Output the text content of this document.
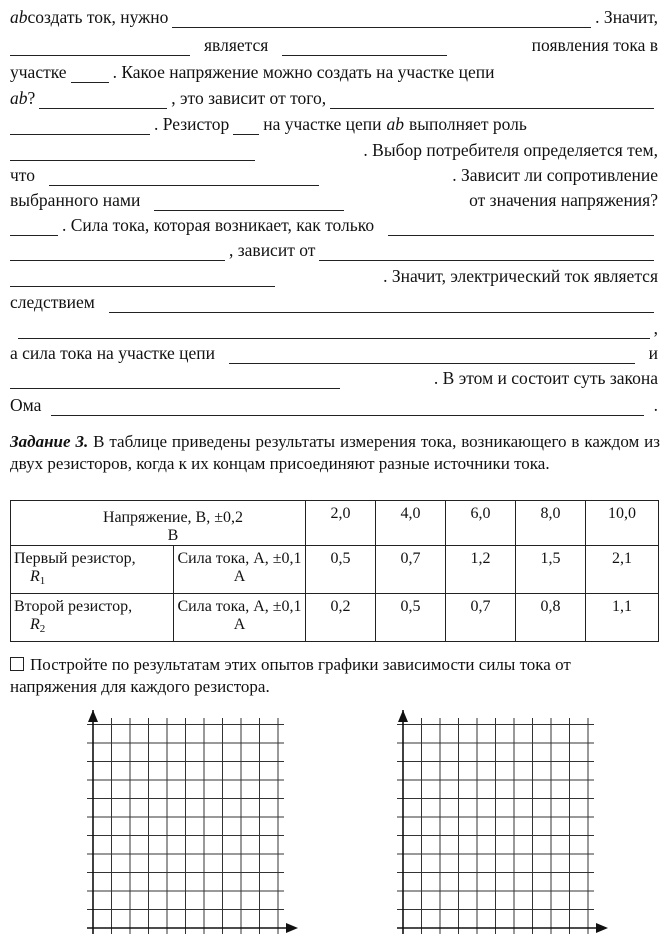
ab создать ток, нужно	. Значит,
является	появления тока в
участке	. Какое напряжение можно создать на участке цепи
ab ?	, это зависит от того,
. Резистор на участке цепи ab выполняет роль
. Выбор потребителя определяется тем,
что	. Зависит ли сопротивление
выбранного нами	от значения напряжения?
. Сила тока, которая возникает, как только
, зависит от
. Значит, электрический ток является
следствием
,
а сила тока на участке цепи	и
. В этом и состоит суть закона
Ома	.
Задание 3. В таблице приведены результаты измерения тока, возникающего в каждом из двух резисторов, когда к их концам присоединяют разные источники тока.
Напряжение, В, ±0,2 В		2,0	4,0	6,0	8,0	10,0
Первый резистор,
$R_1$	Сила тока, А, ±0,1 А	0,5	0,7	1,2	1,5	2,1
Второй резистор,
$R_2$	Сила тока, А, ±0,1 А	0,2	0,5	0,7	0,8	1,1
Постройте по результатам этих опытов графики зависимости силы тока от напряжения для каждого резистора.
